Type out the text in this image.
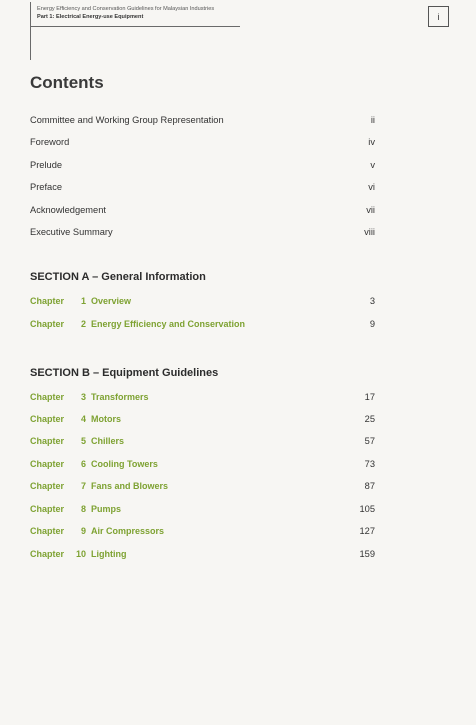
Energy Efficiency and Conservation Guidelines for Malaysian Industries
Part 1: Electrical Energy-use Equipment	i
Contents
Committee and Working Group Representation	ii
Foreword	iv
Prelude	v
Preface	vi
Acknowledgement	vii
Executive Summary	viii
SECTION A – General Information
Chapter	1 Overview	3
Chapter	2 Energy Efficiency and Conservation	9
SECTION B – Equipment Guidelines
Chapter	3 Transformers	17
Chapter	4 Motors	25
Chapter	5 Chillers	57
Chapter	6 Cooling Towers	73
Chapter	7 Fans and Blowers	87
Chapter	8 Pumps	105
Chapter	9 Air Compressors	127
Chapter 10 Lighting	159
